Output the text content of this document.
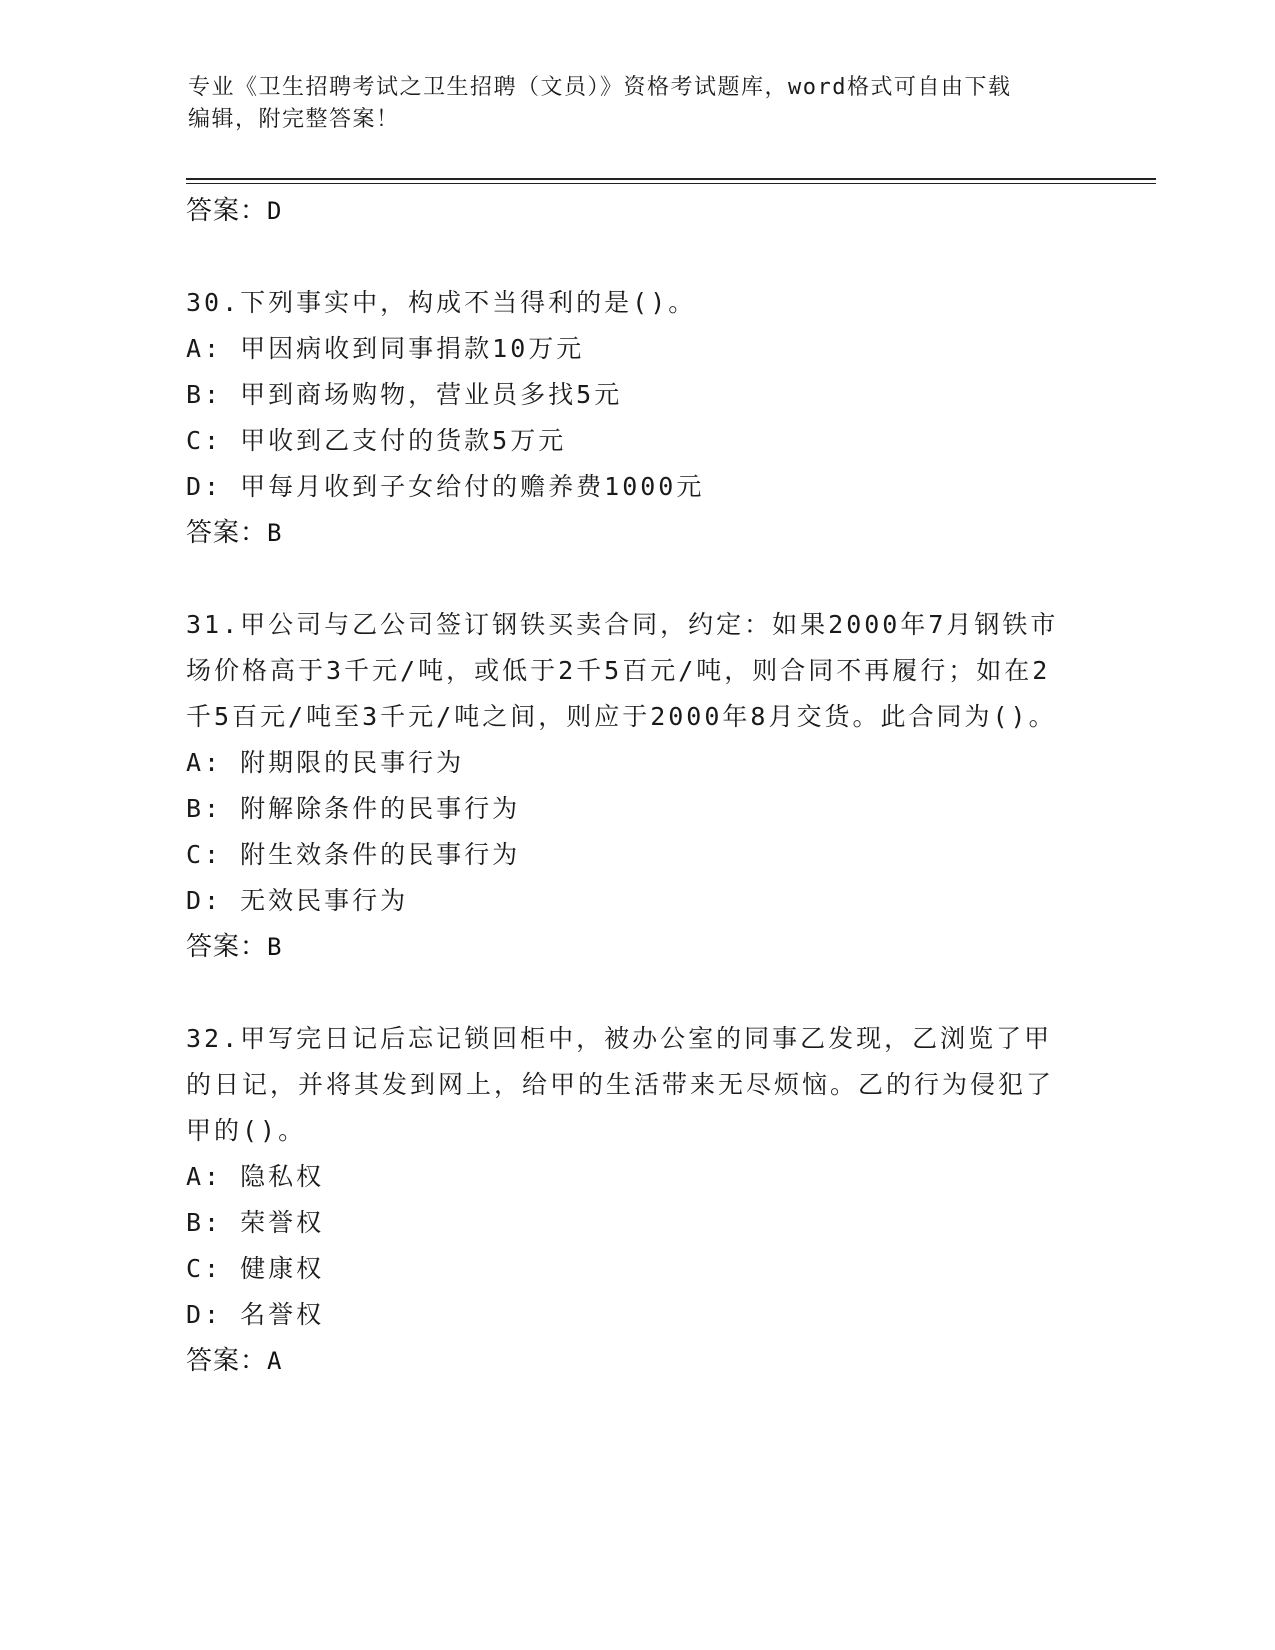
专业《卫生招聘考试之卫生招聘（文员）》资格考试题库，word格式可自由下载
编辑，附完整答案！
答案：D
30.下列事实中，构成不当得利的是()。
A: 甲因病收到同事捐款10万元
B: 甲到商场购物，营业员多找5元
C: 甲收到乙支付的货款5万元
D: 甲每月收到子女给付的赡养费1000元
答案：B
31.甲公司与乙公司签订钢铁买卖合同，约定：如果2000年7月钢铁市场价格高于3千元/吨，或低于2千5百元/吨，则合同不再履行；如在2千5百元/吨至3千元/吨之间，则应于2000年8月交货。此合同为()。
A: 附期限的民事行为
B: 附解除条件的民事行为
C: 附生效条件的民事行为
D: 无效民事行为
答案：B
32.甲写完日记后忘记锁回柜中，被办公室的同事乙发现，乙浏览了甲的日记，并将其发到网上，给甲的生活带来无尽烦恼。乙的行为侵犯了甲的()。
A: 隐私权
B: 荣誉权
C: 健康权
D: 名誉权
答案：A
